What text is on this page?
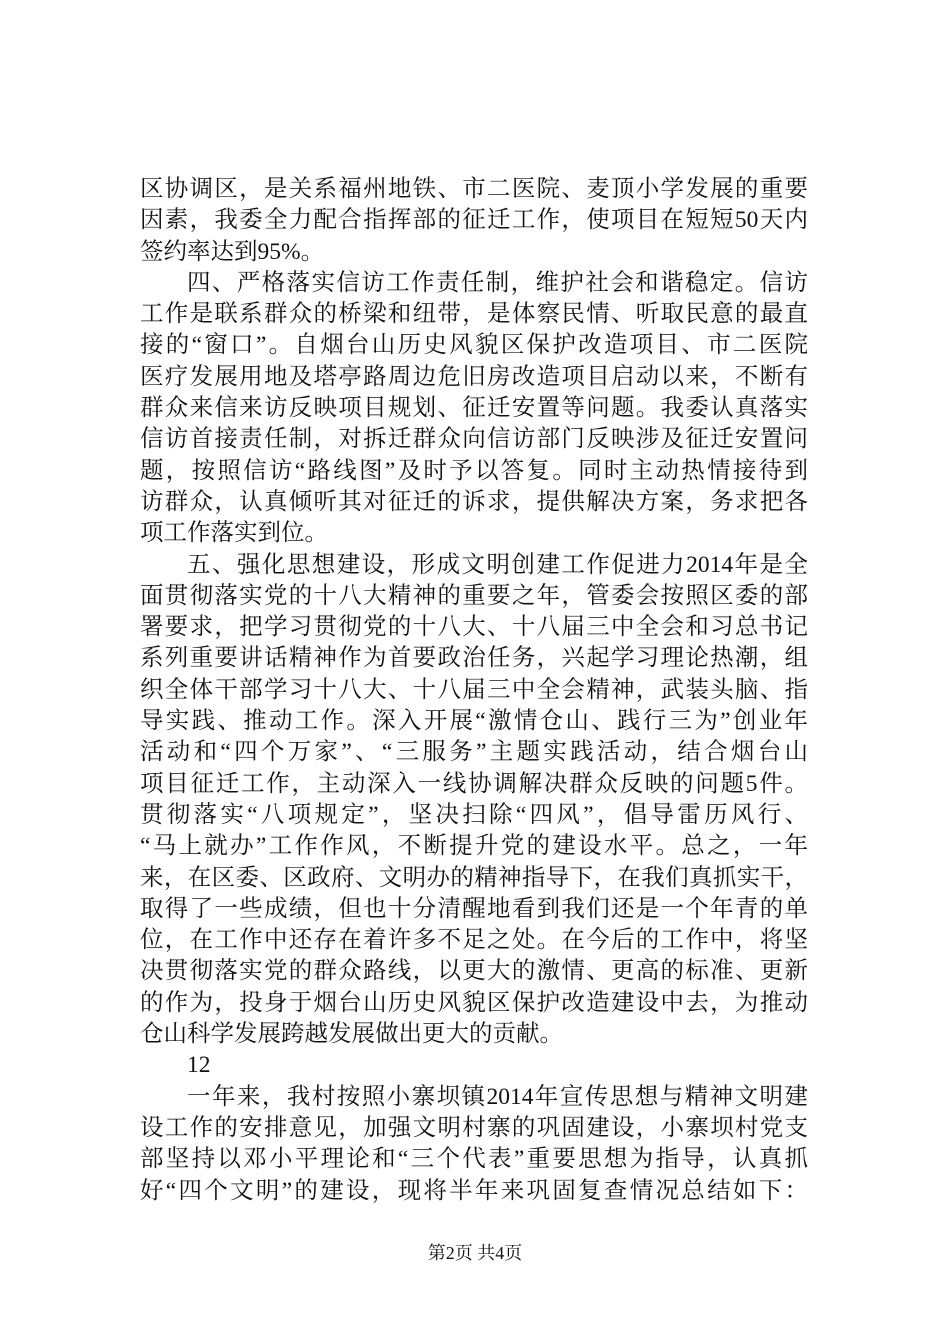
区协调区，是关系福州地铁、市二医院、麦顶小学发展的重要
因素，我委全力配合指挥部的征迁工作，使项目在短短50天内
签约率达到95%。
四、严格落实信访工作责任制，维护社会和谐稳定。信访
工作是联系群众的桥梁和纽带，是体察民情、听取民意的最直
接的“窗口”。自烟台山历史风貌区保护改造项目、市二医院
医疗发展用地及塔亭路周边危旧房改造项目启动以来，不断有
群众来信来访反映项目规划、征迁安置等问题。我委认真落实
信访首接责任制，对拆迁群众向信访部门反映涉及征迁安置问
题，按照信访“路线图”及时予以答复。同时主动热情接待到
访群众，认真倾听其对征迁的诉求，提供解决方案，务求把各
项工作落实到位。
五、强化思想建设，形成文明创建工作促进力2014年是全
面贯彻落实党的十八大精神的重要之年，管委会按照区委的部
署要求，把学习贯彻党的十八大、十八届三中全会和习总书记
系列重要讲话精神作为首要政治任务，兴起学习理论热潮，组
织全体干部学习十八大、十八届三中全会精神，武装头脑、指
导实践、推动工作。深入开展“激情仓山、践行三为”创业年
活动和“四个万家”、“三服务”主题实践活动，结合烟台山
项目征迁工作，主动深入一线协调解决群众反映的问题5件。
贯彻落实“八项规定”，坚决扫除“四风”，倡导雷历风行、
“马上就办”工作作风，不断提升党的建设水平。总之，一年
来，在区委、区政府、文明办的精神指导下，在我们真抓实干，
取得了一些成绩，但也十分清醒地看到我们还是一个年青的单
位，在工作中还存在着许多不足之处。在今后的工作中，将坚
决贯彻落实党的群众路线，以更大的激情、更高的标准、更新
的作为，投身于烟台山历史风貌区保护改造建设中去，为推动
仓山科学发展跨越发展做出更大的贡献。
12
一年来，我村按照小寨坝镇2014年宣传思想与精神文明建
设工作的安排意见，加强文明村寨的巩固建设，小寨坝村党支
部坚持以邓小平理论和“三个代表”重要思想为指导，认真抓
好“四个文明”的建设，现将半年来巩固复查情况总结如下：
第2页 共4页
